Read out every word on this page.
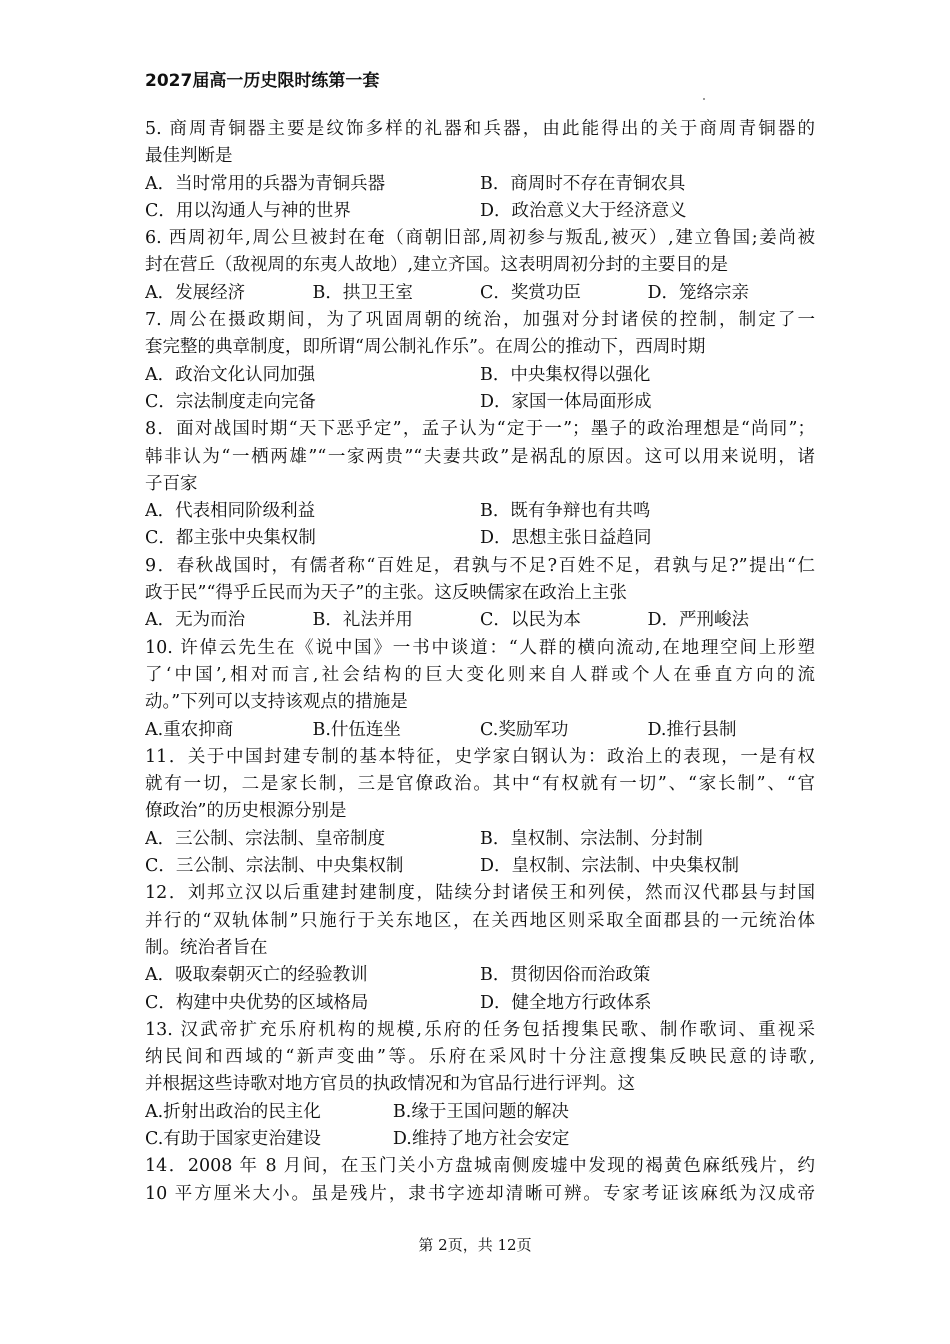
2027届高一历史限时练第一套
5. 商周青铜器主要是纹饰多样的礼器和兵器，由此能得出的关于商周青铜器的
最佳判断是
A．当时常用的兵器为青铜兵器	B．商周时不存在青铜农具
C．用以沟通人与神的世界	D．政治意义大于经济意义
6. 西周初年,周公旦被封在奄（商朝旧部,周初参与叛乱,被灭）,建立鲁国;姜尚被
封在营丘（敌视周的东夷人故地）,建立齐国。这表明周初分封的主要目的是
A．发展经济	B．拱卫王室	C．奖赏功臣	D．笼络宗亲
7. 周公在摄政期间，为了巩固周朝的统治，加强对分封诸侯的控制，制定了一
套完整的典章制度，即所谓“周公制礼作乐”。在周公的推动下，西周时期
A．政治文化认同加强	B．中央集权得以强化
C．宗法制度走向完备	D．家国一体局面形成
8．面对战国时期“天下恶乎定”，孟子认为“定于一”；墨子的政治理想是“尚同”；
韩非认为“一栖两雄”“一家两贵”“夫妻共政”是祸乱的原因。这可以用来说明，诸
子百家
A．代表相同阶级利益	B．既有争辩也有共鸣
C．都主张中央集权制	D．思想主张日益趋同
9．春秋战国时，有儒者称“百姓足，君孰与不足?百姓不足，君孰与足?”提出“仁
政于民”“得乎丘民而为天子”的主张。这反映儒家在政治上主张
A．无为而治	B．礼法并用	C．以民为本	D．严刑峻法
10. 许倬云先生在《说中国》一书中谈道：“人群的横向流动,在地理空间上形塑
了‘中国’,相对而言,社会结构的巨大变化则来自人群或个人在垂直方向的流
动。”下列可以支持该观点的措施是
A.重农抑商	B.什伍连坐	C.奖励军功	D.推行县制
11．关于中国封建专制的基本特征，史学家白钢认为：政治上的表现，一是有权
就有一切，二是家长制，三是官僚政治。其中“有权就有一切”、“家长制”、“官
僚政治”的历史根源分别是
A．三公制、宗法制、皇帝制度	B．皇权制、宗法制、分封制
C．三公制、宗法制、中央集权制	D．皇权制、宗法制、中央集权制
12．刘邦立汉以后重建封建制度，陆续分封诸侯王和列侯，然而汉代郡县与封国
并行的“双轨体制”只施行于关东地区，在关西地区则采取全面郡县的一元统治体
制。统治者旨在
A．吸取秦朝灭亡的经验教训	B．贯彻因俗而治政策
C．构建中央优势的区域格局	D．健全地方行政体系
13. 汉武帝扩充乐府机构的规模,乐府的任务包括搜集民歌、制作歌词、重视采
纳民间和西域的“新声变曲”等。乐府在采风时十分注意搜集反映民意的诗歌,
并根据这些诗歌对地方官员的执政情况和为官品行进行评判。这
A.折射出政治的民主化	B.缘于王国问题的解决
C.有助于国家吏治建设	D.维持了地方社会安定
14．2008 年 8 月间，在玉门关小方盘城南侧废墟中发现的褐黄色麻纸残片，约
10 平方厘米大小。虽是残片，隶书字迹却清晰可辨。专家考证该麻纸为汉成帝
第 2页，共 12页
